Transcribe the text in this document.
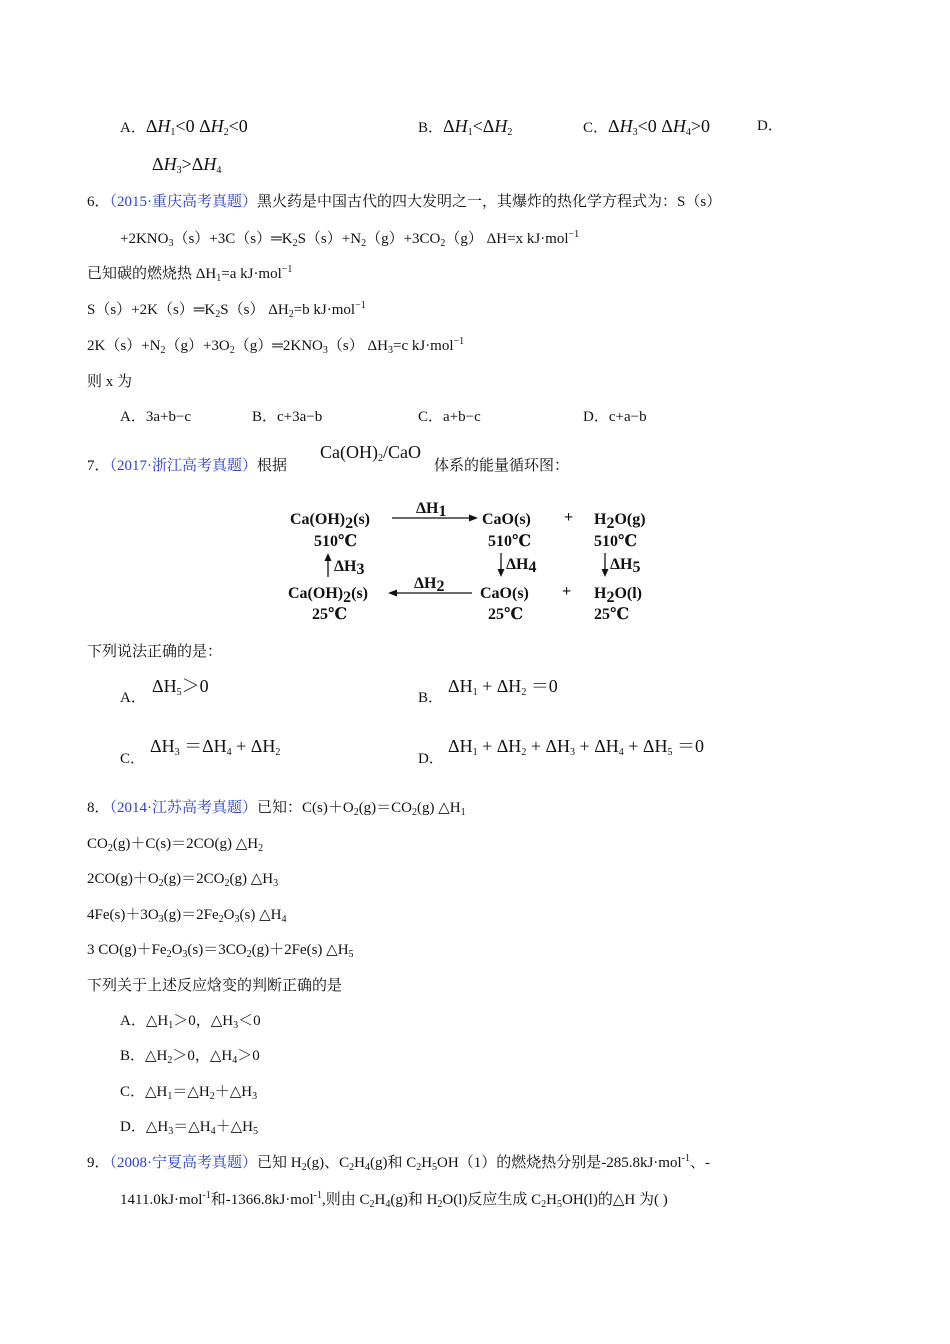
A．$\Delta H_1<0$ $\Delta H_2<0$	B．$\Delta H_1<\Delta H_2$	C．$\Delta H_3<0$ $\Delta H_4>0$	D．
$\Delta H_3>\Delta H_4$
6．（2015·重庆高考真题）黑火药是中国古代的四大发明之一，其爆炸的热化学方程式为：S（s）
$+2KNO_3(s)+3C(s)═K_2S(s)+N_2(g)+3CO_2(g)$ ΔH=x kJ·mol$^{-1}$
已知碳的燃烧热 $\Delta H_1=a$ kJ·mol$^{-1}$
$S(s)+2K(s)═K_2S(s)$ $\Delta H_2=b$ kJ·mol$^{-1}$
$2K(s)+N_2(g)+3O_2(g)═2KNO_3(s)$ $\Delta H_3=c$ kJ·mol$^{-1}$
则 x 为
A．3a+b−c	B．c+3a−b	C．a+b−c	D．c+a−b
7．（2017·浙江高考真题）根据
$Ca(OH)_2$/CaO
体系的能量循环图：
Ca(OH)2(s)
510℃
ΔH1 CaO(s)
510℃
+ H2O(g)
510℃
ΔH3	ΔH4	ΔH5
Ca(OH)2(s)
25℃
ΔH2 CaO(s)
25℃
+ H2O(l)
25℃
下列说法正确的是：
A．
$\Delta H_5>0$
B．
$\Delta H_1 + \Delta H_2 =0$
C．
$\Delta H_3 =\Delta H_4 + \Delta H_2$	D．
$\Delta H_1 + \Delta H_2 + \Delta H_3 + \Delta H_4 + \Delta H_5 =0$
8．（2014·江苏高考真题）已知：$C(s)+O_2(g)=CO_2(g)$ $\triangle H_1$
$CO_2(g)+C(s)=2CO(g)$ $\triangle H_2$
$2CO(g)+O_2(g)=2CO_2(g)$ $\triangle H_3$
$4Fe(s)+3O_3(g)=2Fe_2O_3(s)$ $\triangle H_4$
3 $CO(g)+Fe_2O_3(s)=3CO_2(g)+2Fe(s)$ $\triangle H_5$
下列关于上述反应焓变的判断正确的是
A．$\triangle H_1>0$，$\triangle H_3<0$
B．$\triangle H_2>0$，$\triangle H_4>0$
C．$\triangle H_1=\triangle H_2+\triangle H_3$
D．$\triangle H_3=\triangle H_4+\triangle H_5$
9．（2008·宁夏高考真题）已知 $H_2(g)$、$C_2H_4(g)$和 $C_2H_5OH(1)$的燃烧热分别是-285.8kJ·mol$^{-1}$、-
1411.0kJ·mol$^{-1}$和-1366.8kJ·mol$^{-1}$,则由 $C_2H_4(g)$和 $H_2O(l)$反应生成 $C_2H_5OH(l)$的△H 为( )
